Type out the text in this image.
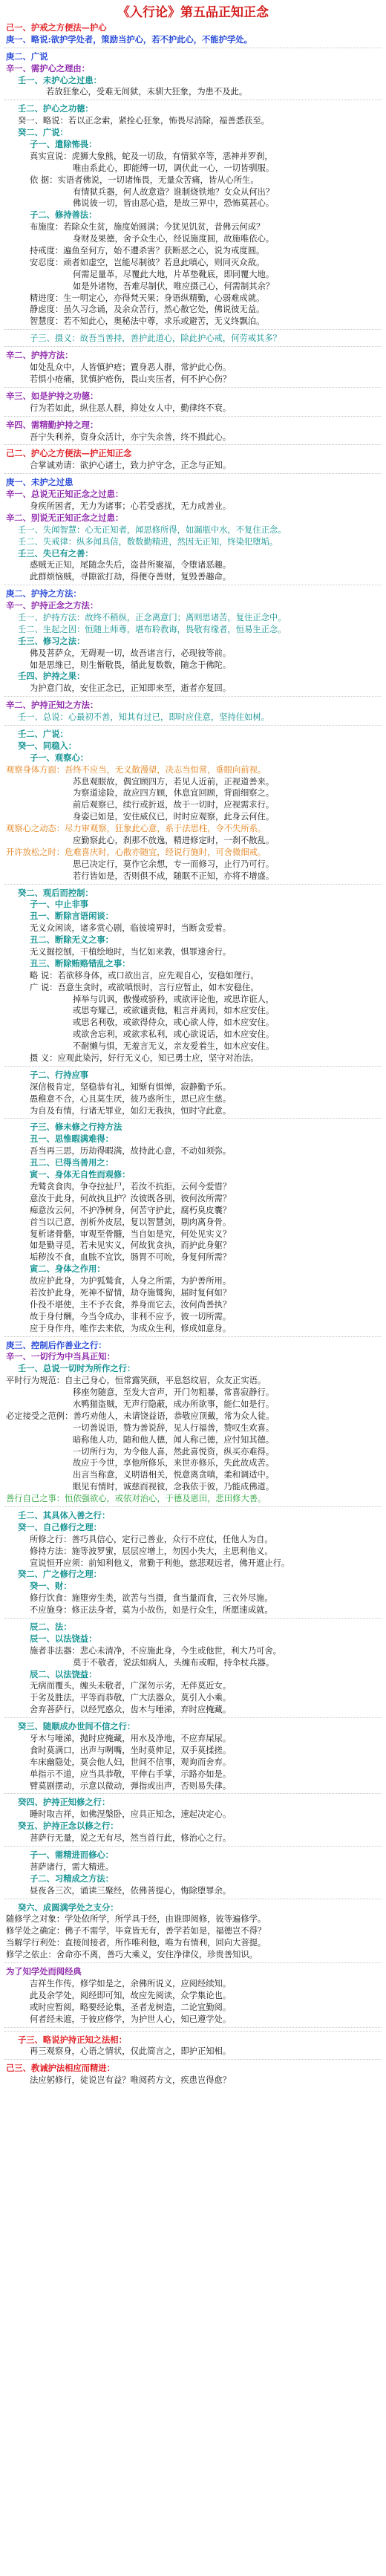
《入行论》第五品正知正念
己一、护戒之方便法—护心
庚一、略说:欲护学处者，策励当护心，若不护此心，不能护学处。
庚二、广说
辛一、需护心之理由：
壬一、未护心之过患：
若放狂象心，受难无间狱，未驯大狂象，为患不及此。
壬二、护心之功德：
癸一、略说：若以正念索，紧拴心狂象，怖畏尽消除，福善悉获至。
癸二、广说：
子一、遣除怖畏：
真实宣说：虎狮大象熊，蛇及一切敌，有情狱卒等，恶神并罗刹，
唯由系此心，即能缚一切，调伏此一心，一切皆驯服。
依 据：实语者佛说，一切诸怖畏，无量众苦痛，皆从心所生。
有情狱兵器，何人故意造？谁制烧铁地？女众从何出？
佛说彼一切，皆由恶心造，是故三界中，恐怖莫甚心。
子二、修持善法：
布施度：若除众生贫，施度始圆满；今犹见饥贫，昔佛云何成？
身财及果德，舍予众生心，经说施度圆，故施唯依心。
持戒度：遍鱼至何方，始不遭杀害？获断恶之心，说为戒度圆。
安忍度：顽者如虚空，岂能尽制彼？若息此嗔心，则同灭众敌。
何需足量革，尽覆此大地，片革垫靴底，即同覆大地。
如是外诸物，吾难尽制伏，唯应摄己心，何需制其余？
精进度：生一明定心，亦得梵天果；身语纵精勤，心弱难成就。
静虑度：虽久习念诵，及余众苦行，然心散它处，佛说彼无益。
智慧度：若不知此心，奥秘法中尊，求乐或避苦，无义终飘泊。
子三、摄义：故吾当善持，善护此道心，除此护心戒，何劳戒其多？
辛二、护持方法：
如处乱众中，人皆慎护疮；置身恶人群，常护此心伤。
若惧小疮痛，犹慎护疮伤，畏山夹压者，何不护心伤？
辛三、如是护持之功德：
行为若如此，纵住恶人群，抑处女人中，勤律终不衰。
辛四、需精勤护持之理：
吾宁失利养，资身众活计，亦宁失余善，终不损此心。
己二、护心之方便法—护正知正念
合掌诚劝请：欲护心诸士，致力护守念，正念与正知。
庚一、未护之过患
辛一、总说无正知正念之过患：
身疾所困者，无力为诸事；心若受惑扰，无力成善业。
辛二、别说无正知正念之过患：
壬一、失闻智慧：心无正知者，闻思修所得，如漏瓶中水，不复住正念。
壬二、失戒律：纵多闻具信，数数勤精进，然因无正知，终染犯堕垢。
壬三、失已有之善：
惑贼无正知，尾随念失后，盗昔所聚福，令堕诸恶趣。
此群烦恼贼，寻隙欲打劫，得便夺善财，复毁善趣命。
庚二、护持之方法：
辛一、护持正念之方法：
壬一、护持方法：故终不稍纵，正念离意门；离则思诸苦，复住正念中。
壬二、生起之因：恒随上师尊，堪布聆教诲，畏敬有缘者，恒易生正念。
壬三、修习之法：
佛及菩萨众，无碍观一切，故吾诸言行，必现彼等前。
如是思维已，则生惭敬畏，循此复数数，随念于佛陀。
壬四、护持之果：
为护意门故，安住正念已，正知即来至，逝者亦复回。
辛二、护持正知之方法：
壬一、总说：心最初不善，知其有过已，即时应住意，坚持住如树。
壬二、广说：
癸一、同稳入：
子一、观察心：
观察身体方面：吾终不应当，无义散漫望，决志当恒常，垂眼向前视。
苏息观眼故，偶宜顾四方，若见人近前，正视道善来。
为察道途险，故应四方顾，休息宜回顾，背面细察之。
前后观察已，续行或折返，故于一切时，应视需求行。
身姿已如是，安住威仪已，时时应观察，此身云何住。
观察心之动态：尽力审观察，狂象此心意，系于法思柱，令不失所系。
应勤察此心，刹那不放逸，精进修定时，一刹不散乱。
开许放松之时：危难喜庆时，心散亦随宜，经说行施时，可舍微细戒。
思已决定行，莫作它余想，专一而修习，止行乃可行。
若行皆如是，否则俱不成，随眠不正知，亦将不增盛。
癸二、观后而控制：
子一、中止非事
丑一、断除言语闲谈：
无义众闲谈，诸多赏心剧，临彼境界时，当断贪爱着。
丑二、断除无义之事：
无义掘挖刨，干植绘地时，当忆如来教，惧罪速舍行。
丑三、断除贿赂错乱之事：
略 说：若欲移身体，或口欲出言，应先观自心，安稳如理行。
广 说：吾意生贪时，或欲嗔恨时，言行应暂止，如木安稳住。
掉举与讥讽，傲慢或骄矜，或欲评论他，或思诈诳人，
或思夸耀己，或欲谴责他，粗言并离间，如木应安住。
或思名利敬，或欲得侍众，或心欲人侍，如木应安住。
或欲舍忘利，或欲求私利，或心欲说话，如木应安住。
不耐懒与惧，无羞言无义，亲友爱着生，如木应安住。
摄 义：应观此染污，好行无义心，知已勇士应，坚守对治法。
子二、行持应事
深信极肯定，坚稳恭有礼，知惭有惧惮，寂静勤予乐。
愚稚意不合，心且莫生厌，彼乃惑所生，思已应生慈。
为自及有情，行诸无罪业，如幻无我执，恒时守此意。
子三、修未修之行持方法
丑一、思惟暇满难得：
吾当再三思，历劫得暇满，故持此心意，不动如须弥。
丑二、已得当善用之：
寅一、身体无自性而观修：
秃鹫贪食肉，争夺拉扯尸，若汝不抗拒，云何今爱惜？
意汝于此身，何故执且护？汝彼既各别，彼何汝所需？
痴意汝云何，不护净树身，何苦守护此，腐朽臭皮囊？
首当以己意，剖析外皮层，复以智慧剑，剔肉离身骨。
复析诸骨骼，审观至骨髓，当自如是究，何处见实义？
如是勤寻觅，若未见实义，何故犹贪执，而护此身躯？
垢秽汝不食，血脓不宜饮，肠胃不可吮，身复何所需？
寅二、身体之作用：
故应护此身，为护狐鹫食，人身之所需，为护善所用。
若汝护此身，死神不留情，劫夺施鹫狗，届时复何如？
仆役不堪使，主不予衣食，养身而它去，汝何尚善执？
故于身付酬，今当令成办，非利不应予，彼一切所需。
应于身作舟，唯作去来依，为成众生利，修成如意身。
庚三、控制后作善业之行：
辛一、一切行为中当具正知：
壬一、总说一切时为所作之行：
平时行为规范：自主己身心，恒常露笑颜，平息怒纹眉，众友正实语。
移座勿随意，至发大音声，开门勿粗暴，常喜寂静行。
水鸭猫盗贼，无声行隐蔽，成办所欲事，能仁如是行。
必定接受之范例：善巧劝他人，未请饶益语，恭敬应顶戴，常为众人徒。
一切善说语，赞为善说辞，见人行福善，赞叹生欢喜。
暗称他人功，随和他人德，闻人称己德，应忖知其德。
一切所行为，为令他人喜，然此喜悦资，纵买亦难得。
故应于今世，享他所修乐，来世亦修乐，失此故成苦。
出言当称意，义明语相关，悦意离贪嗔，柔和调适中。
眼见有情时，诚慈而视彼，念我依于彼，乃能成佛道。
善行自己之事：恒依强欲心，或依对治心，于德及恩田，悲田修大善。
壬二、其具体入善之行：
癸一、自己修行之理：
所修之行：善巧具信心，定行己善业，众行不应仗，任他人为自。
修持方法：施等波罗蜜，层层应增上，勿因小失大，主思利他义。
宣说恒开应须：前知利他义，常勤于利他，慈悲观远者，佛开遮止行。
癸二、广之修行之理：
癸一、财：
修行饮食：施堕旁生类，欲苦与当摄，食当量而食，三衣外尽施。
不应施身：修正法身者，莫为小故伤，如是行众生，所愿速成就。
辰二、法：
辰一、以法饶益：
施者非法器：悲心未清净，不应施此身，今生或他世，利大乃可舍。
莫于不敬者，说法如病人，头缠布或帽，持伞杖兵器。
辰二、以法饶益：
无病而覆头，缠头未敬者，广深勿示劣，无伴莫近女。
于劣及胜法，平等而恭敬，广大法器众，莫引入小乘。
舍弃菩萨行，以经咒惑众，齿木与唾涕，弃时应掩藏。
癸三、随顺成办世间不信之行：
牙木与唾涕，抛时应掩藏，用水及净地，不应弃屎尿。
食时莫满口，出声与咧嘴，坐时莫伸足，双手莫揉搓。
车床幽隐处，莫会他人妇，世间不信事，观询而舍弃。
单指示不道，应当具恭敬，平伸右手掌，示路亦如是。
臂莫剧摆动，示意以微动，弹指或出声，否则易失律。
癸四、护持正知修之行：
睡时取吉祥，如佛涅槃卧，应具正知念，速起决定心。
癸五、护持正念以修之行：
菩萨行无量，说之无有尽，然当首行此，修治心之行。
子一、需精进而修心：
菩萨诸行，需大精进。
子二、习精成之方法：
昼夜各三次，诵读三聚经，依佛菩提心，悔除堕罪余。
癸六、成圆满学处之支分：
随修学之对象：学处依所学，所学具于经，由谁即阅修，彼等遍修学。
修学处之确定：佛子不需学，毕竟皆无有，善学若如是，福德岂不得？
当解学行利处：直接间接者，所作唯利他，唯为有情利，回向大菩提。
修学之依止：舍命亦不离，善巧大乘义，安住净律仪，珍贵善知识。
为了知学处而阅经典
吉祥生作传，修学如是之，余佛所说义，应阅经续知。
此及余学处，阅经即可知，故应先阅读，众学集论也。
或时应暂阅，略要经论集，圣者龙树造，二论宜勤阅。
何者经未遮，于彼应修学，为护世人心，知已遵学处。
子三、略说护持正知之法相：
再三观察身，心语之情状，仅此简言之，即护正知相。
己三、教诫护法相应而精进：
法应躬修行，徒说岂有益？唯阅药方文，疾患岂得愈？
